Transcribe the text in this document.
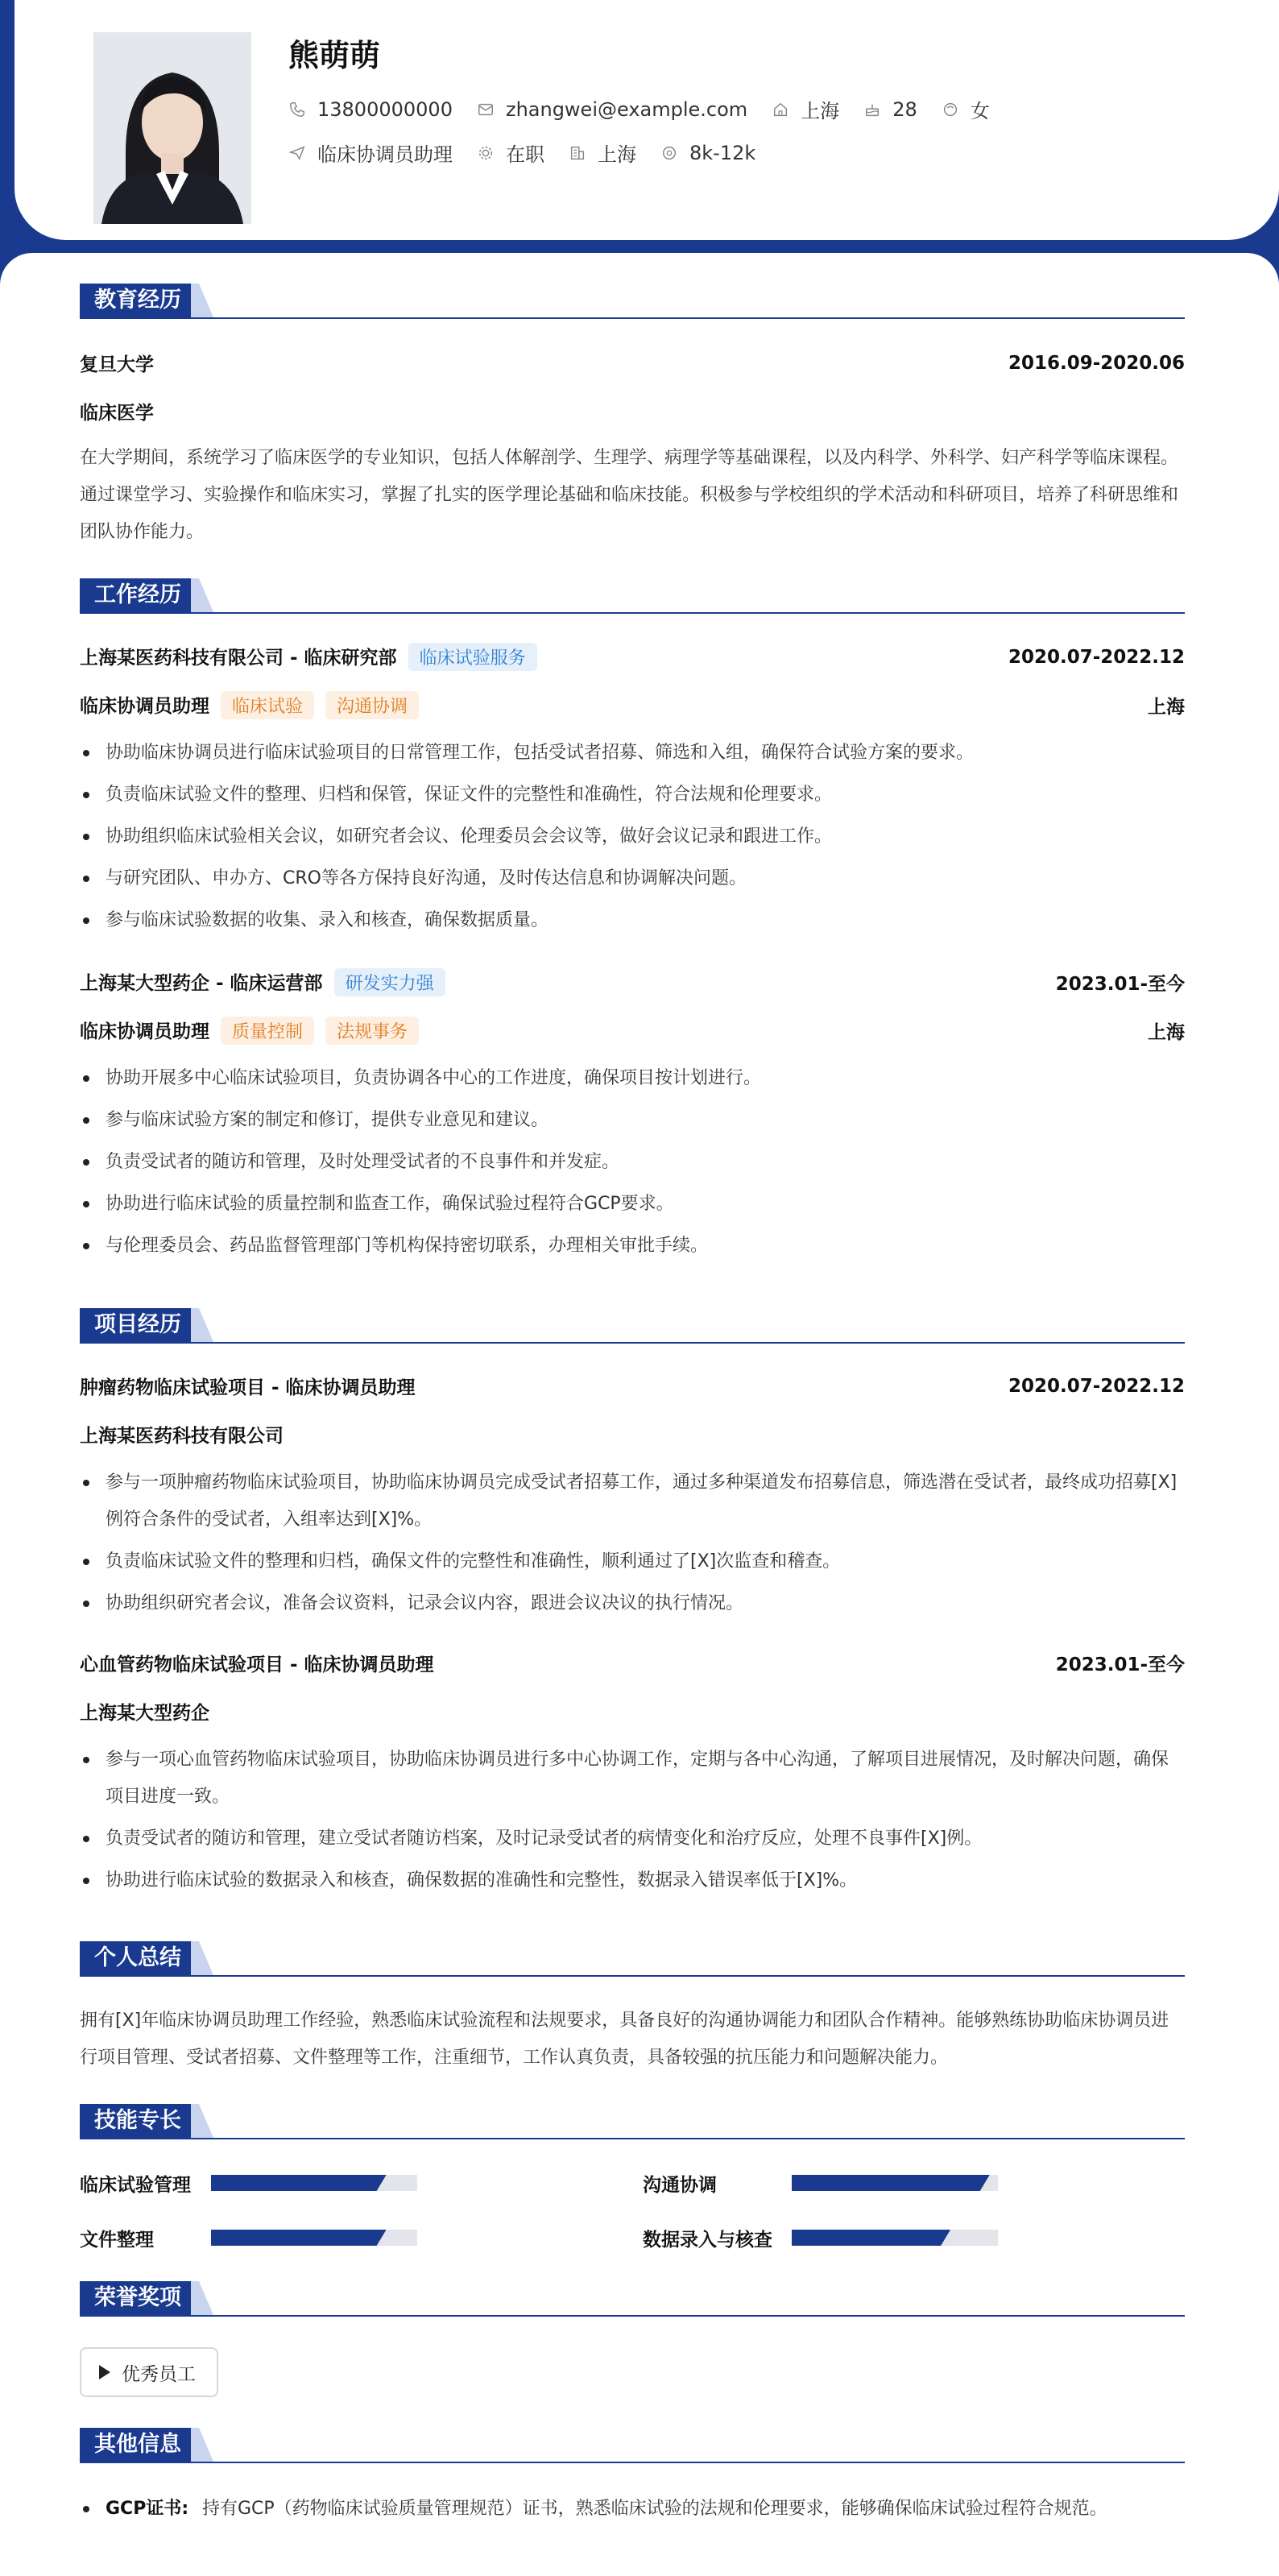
熊萌萌
13800000000	zhangwei@example.com	上海	28	女
临床协调员助理	在职	上海	8k-12k
教育经历
复旦大学	2016.09-2020.06
临床医学
在大学期间，系统学习了临床医学的专业知识，包括人体解剖学、生理学、病理学等基础课程，以及内科学、外科学、妇产科学等临床课程。通过课堂学习、实验操作和临床实习，掌握了扎实的医学理论基础和临床技能。积极参与学校组织的学术活动和科研项目，培养了科研思维和团队协作能力。
工作经历
上海某医药科技有限公司 - 临床研究部 临床试验服务	2020.07-2022.12
临床协调员助理 临床试验 沟通协调	上海
协助临床协调员进行临床试验项目的日常管理工作，包括受试者招募、筛选和入组，确保符合试验方案的要求。
负责临床试验文件的整理、归档和保管，保证文件的完整性和准确性，符合法规和伦理要求。
协助组织临床试验相关会议，如研究者会议、伦理委员会会议等，做好会议记录和跟进工作。
与研究团队、申办方、CRO等各方保持良好沟通，及时传达信息和协调解决问题。
参与临床试验数据的收集、录入和核查，确保数据质量。
上海某大型药企 - 临床运营部 研发实力强	2023.01-至今
临床协调员助理 质量控制 法规事务	上海
协助开展多中心临床试验项目，负责协调各中心的工作进度，确保项目按计划进行。
参与临床试验方案的制定和修订，提供专业意见和建议。
负责受试者的随访和管理，及时处理受试者的不良事件和并发症。
协助进行临床试验的质量控制和监查工作，确保试验过程符合GCP要求。
与伦理委员会、药品监督管理部门等机构保持密切联系，办理相关审批手续。
项目经历
肿瘤药物临床试验项目 - 临床协调员助理	2020.07-2022.12
上海某医药科技有限公司
参与一项肿瘤药物临床试验项目，协助临床协调员完成受试者招募工作，通过多种渠道发布招募信息，筛选潜在受试者，最终成功招募[X]例符合条件的受试者，入组率达到[X]%。
负责临床试验文件的整理和归档，确保文件的完整性和准确性，顺利通过了[X]次监查和稽查。
协助组织研究者会议，准备会议资料，记录会议内容，跟进会议决议的执行情况。
心血管药物临床试验项目 - 临床协调员助理	2023.01-至今
上海某大型药企
参与一项心血管药物临床试验项目，协助临床协调员进行多中心协调工作，定期与各中心沟通，了解项目进展情况，及时解决问题，确保项目进度一致。
负责受试者的随访和管理，建立受试者随访档案，及时记录受试者的病情变化和治疗反应，处理不良事件[X]例。
协助进行临床试验的数据录入和核查，确保数据的准确性和完整性，数据录入错误率低于[X]%。
个人总结
拥有[X]年临床协调员助理工作经验，熟悉临床试验流程和法规要求，具备良好的沟通协调能力和团队合作精神。能够熟练协助临床协调员进行项目管理、受试者招募、文件整理等工作，注重细节，工作认真负责，具备较强的抗压能力和问题解决能力。
技能专长
临床试验管理	沟通协调
文件整理	数据录入与核查
荣誉奖项
优秀员工
其他信息
GCP证书: 持有GCP（药物临床试验质量管理规范）证书，熟悉临床试验的法规和伦理要求，能够确保临床试验过程符合规范。
